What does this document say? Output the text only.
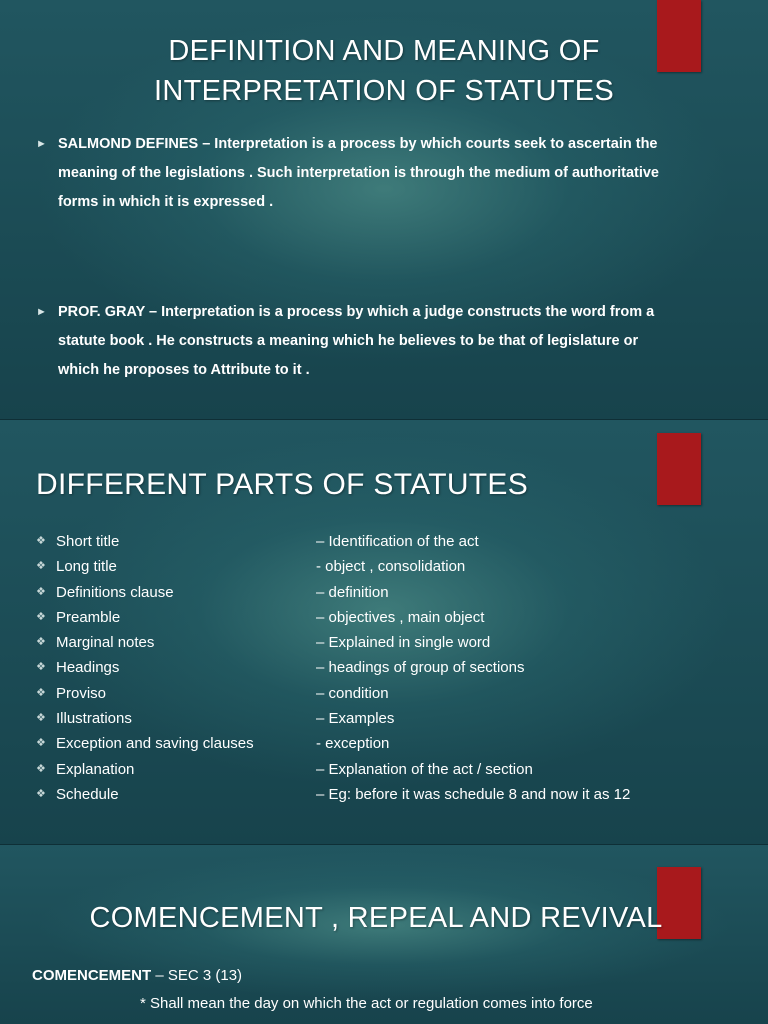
DEFINITION AND MEANING OF
INTERPRETATION OF STATUTES
► SALMOND DEFINES – Interpretation is a process by which courts seek to ascertain the
meaning of the legislations . Such interpretation is through the medium of authoritative
forms in which it is expressed .
► PROF. GRAY – Interpretation is a process by which a judge constructs the word from a
statute book . He constructs a meaning which he believes to be that of legislature or
which he proposes to Attribute to it .
DIFFERENT PARTS OF STATUTES
❖ Short title	– Identification of the act
❖ Long title	- object , consolidation
❖ Definitions clause	– definition
❖ Preamble	– objectives , main object
❖ Marginal notes	– Explained in single word
❖ Headings	– headings of group of sections
❖ Proviso	– condition
❖ Illustrations	– Examples
❖ Exception and saving clauses	- exception
❖ Explanation	– Explanation of the act / section
❖ Schedule	– Eg: before it was schedule 8 and now it as 12
COMENCEMENT , REPEAL AND REVIVAL
COMENCEMENT – SEC 3 (13)
* Shall mean the day on which the act or regulation comes into force
